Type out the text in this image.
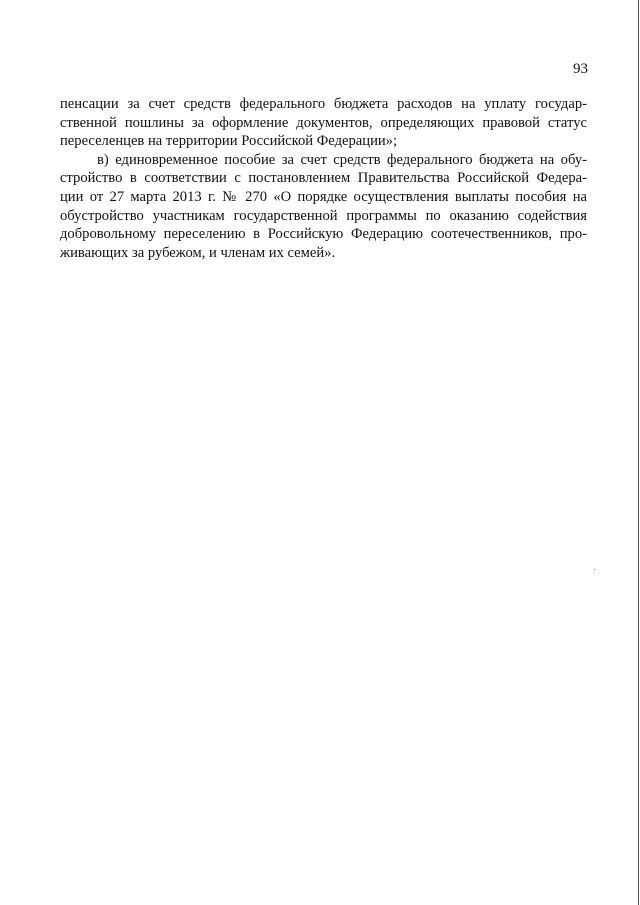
93

пенсации за счет средств федерального бюджета расходов на уплату государ-
ственной пошлины за оформление документов, определяющих правовой статус
переселенцев на территории Российской Федерации»;

в) единовременное пособие за счет средств федерального бюджета на обу-
стройство в соответствии с постановлением Правительства Российской Федера-
ции от 27 марта 2013 г. № 270 «О порядке осуществления выплаты пособия на
обустройство участникам государственной программы по оказанию содействия
добровольному переселению в Российскую Федерацию соотечественников, про-
живающих за рубежом, и членам их семей».
